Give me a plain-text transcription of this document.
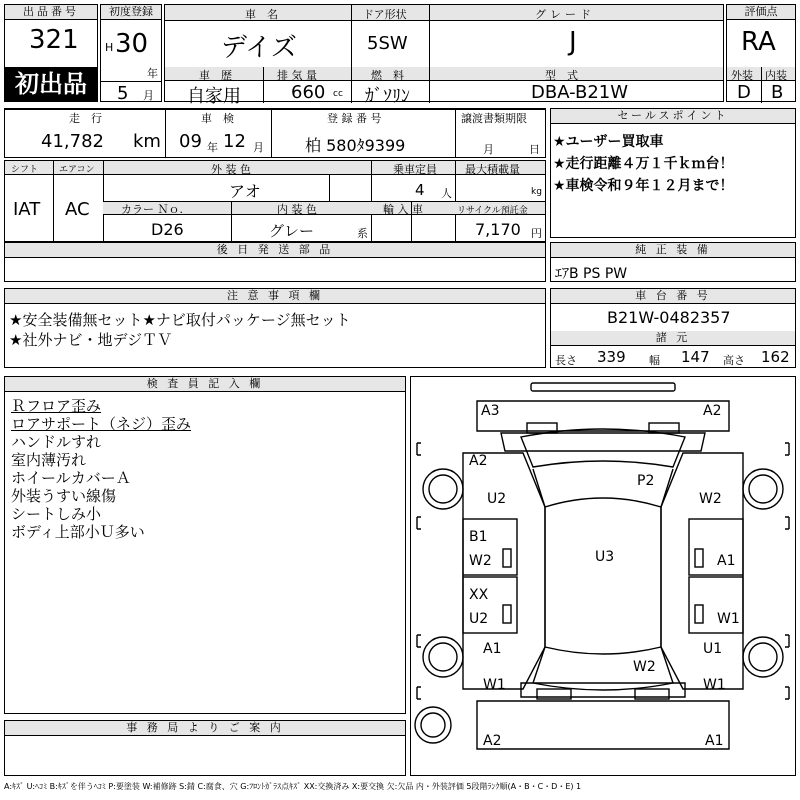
出品番号
321
初出品
初度登録
H 30
年
5 月
車　名	ドア形状	グレード
デイズ	5SW	J
車　歴	排 気 量	燃　料	型　式
自家用	660 cc ｶﾞｿﾘﾝ	DBA-B21W
評価点
RA
外装 内装
D B
走　行	車　検	登 録 番 号	譲渡書類期限
41,782 km 09 年 12 月	柏 580ﾀ9399	月	日
セールスポイント
★ユーザー買取車
★走行距離４万１千ｋｍ台！
★車検令和９年１２月まで！
シフト エアコン	外 装 色	乗車定員	最大積載量
IAT AC
アオ	4 人	kg
カラー Ｎｏ.	内 装 色	輸 入 車	リサイクル預託金
D26	グレー	系	7,170 円
後 日 発 送 部 品	純 正 装 備
ｴｱB PS PW
注 意 事 項 欄
★安全装備無セット★ナビ取付パッケージ無セット
★社外ナビ・地デジＴＶ
車 台 番 号
B21W-0482357
諸 元
長さ 339 幅 147 高さ 162
検 査 員 記 入 欄
Ｒフロア歪み
ロアサポート（ネジ）歪み
ハンドルすれ
室内薄汚れ
ホイールカバーＡ
外装うすい線傷
シートしみ小
ボディ上部小Ｕ多い
事 務 局 よ り ご 案 内
A3	A2
A2
P2
U2	W2
B1
W2	U3	A1
XX
U2	W1
A1	U1
W2
W1	W1
A2	A1
A:ｷｽﾞ U:ﾍｺﾐ B:ｷｽﾞを伴うﾍｺﾐ P:要塗装 W:補修跡 S:錆 C:腐食、穴 G:ﾌﾛﾝﾄｶﾞﾗｽ点ｷｽﾞ XX:交換済み X:要交換 欠:欠品 内・外装評価 5段階ﾗﾝｸ順(A・B・C・D・E) 1
